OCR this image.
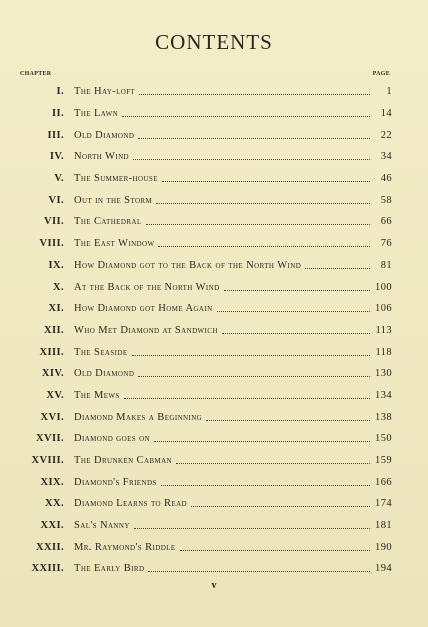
CONTENTS
CHAPTER	PAGE
I. The Hay-loft	1
II. The Lawn	14
III. Old Diamond	22
IV. North Wind	34
V. The Summer-house	46
VI. Out in the Storm	58
VII. The Cathedral	66
VIII. The East Window	76
IX. How Diamond got to the Back of the North Wind	81
X. At the Back of the North Wind	100
XI. How Diamond got Home Again	106
XII. Who Met Diamond at Sandwich	113
XIII. The Seaside	118
XIV. Old Diamond	130
XV. The Mews	134
XVI. Diamond Makes a Beginning	138
XVII. Diamond goes on	150
XVIII. The Drunken Cabman	159
XIX. Diamond's Friends	166
XX. Diamond Learns to Read	174
XXI. Sal's Nanny	181
XXII. Mr. Raymond's Riddle	190
XXIII. The Early Bird	194
v
